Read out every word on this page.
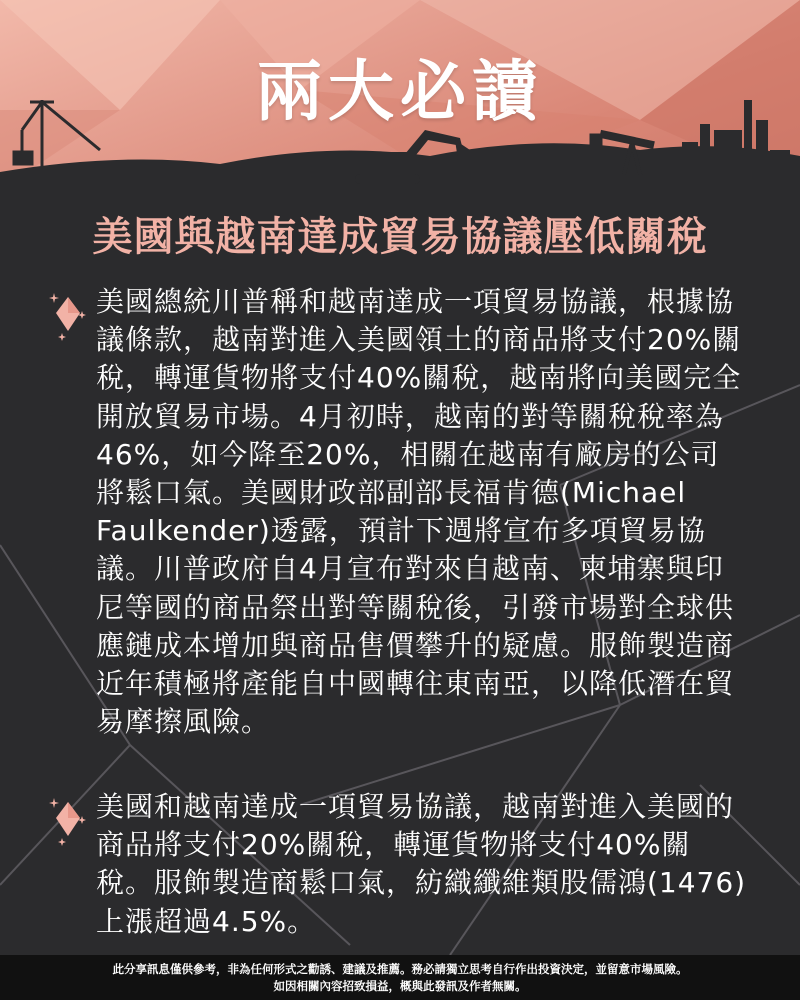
兩大必讀
美國與越南達成貿易協議壓低關稅
美國總統川普稱和越南達成一項貿易協議，根據協議條款，越南對進入美國領土的商品將支付20%關稅，轉運貨物將支付40%關稅，越南將向美國完全開放貿易市場。4月初時，越南的對等關稅稅率為46%，如今降至20%，相關在越南有廠房的公司將鬆口氣。美國財政部副部長福肯德(Michael Faulkender)透露，預計下週將宣布多項貿易協議。川普政府自4月宣布對來自越南、柬埔寨與印尼等國的商品祭出對等關稅後，引發市場對全球供應鏈成本增加與商品售價攀升的疑慮。服飾製造商近年積極將產能自中國轉往東南亞，以降低潛在貿易摩擦風險。
美國和越南達成一項貿易協議，越南對進入美國的商品將支付20%關稅，轉運貨物將支付40%關稅。服飾製造商鬆口氣，紡織纖維類股儒鴻(1476)上漲超過4.5%。
此分享訊息僅供參考，非為任何形式之勸誘、建議及推薦。務必請獨立思考自行作出投資決定，並留意市場風險。
如因相關內容招致損益，概與此發訊及作者無關。
